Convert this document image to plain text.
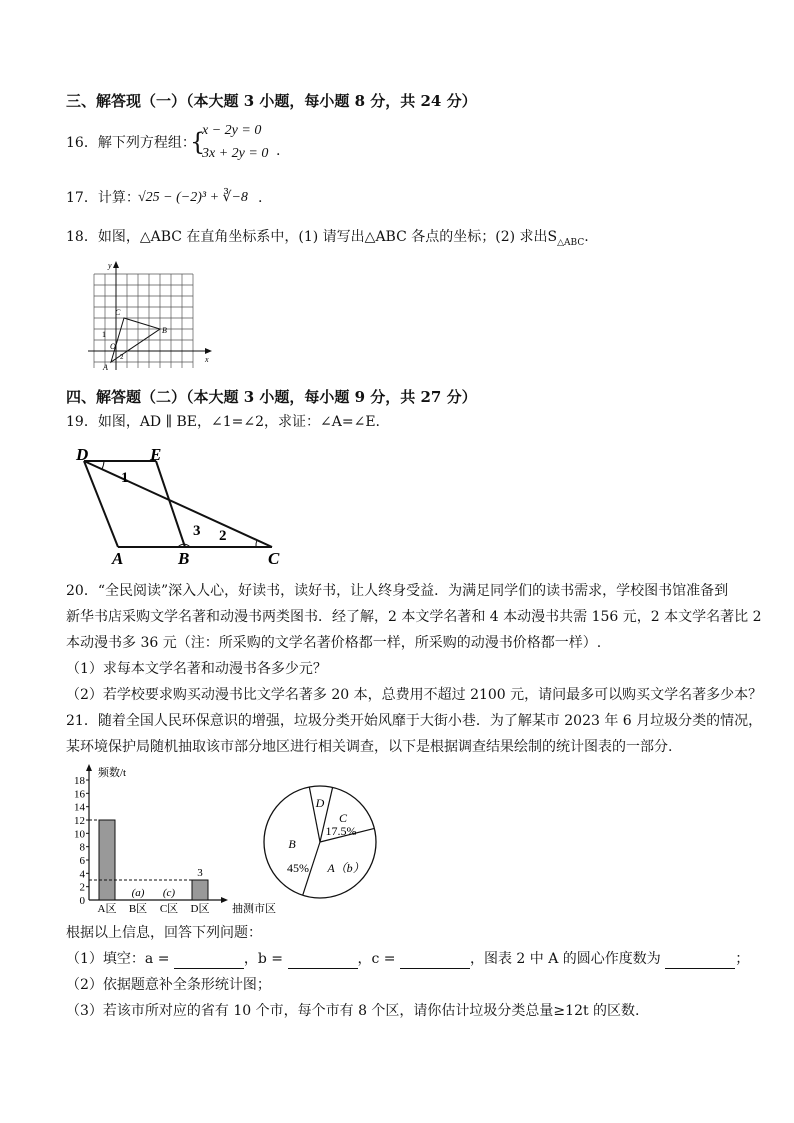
三、解答现（一）（本大题 3 小题，每小题 8 分，共 24 分）
16．解下列方程组：
{
x − 2y = 0
3x + 2y = 0 .
17．计算：
√25 − (−2)³ + ∛−8 .
18．如图，△ABC 在直角坐标系中，(1) 请写出△ABC 各点的坐标；(2) 求出$S_{\triangle ABC}$.
y
x
C
B
O
A
1
2
四、解答题（二）（本大题 3 小题，每小题 9 分，共 27 分）
19．如图，AD ∥ BE，∠1=∠2，求证：∠A=∠E.
D	E
A	B	C
1
2
3
20．“全民阅读”深入人心，好读书，读好书，让人终身受益．为满足同学们的读书需求，学校图书馆准备到
新华书店采购文学名著和动漫书两类图书．经了解，2 本文学名著和 4 本动漫书共需 156 元，2 本文学名著比 2
本动漫书多 36 元（注：所采购的文学名著价格都一样，所采购的动漫书价格都一样）.
（1）求每本文学名著和动漫书各多少元？
（2）若学校要求购买动漫书比文学名著多 20 本，总费用不超过 2100 元，请问最多可以购买文学名著多少本？
21．随着全国人民环保意识的增强，垃圾分类开始风靡于大街小巷．为了解某市 2023 年 6 月垃圾分类的情况，
某环境保护局随机抽取该市部分地区进行相关调查，以下是根据调查结果绘制的统计图表的一部分.
频数/t
抽测市区
0
2
4
6
8
10
12
14
16
18
(a) (c)
3
A区 B区 C区 D区
D
C
17.5%
B
45% A（b）
根据以上信息，回答下列问题：
（1）填空：a =	，b =	，c =	，图表 2 中 A 的圆心作度数为	；
（2）依据题意补全条形统计图；
（3）若该市所对应的省有 10 个市，每个市有 8 个区，请你估计垃圾分类总量≥12t 的区数.
